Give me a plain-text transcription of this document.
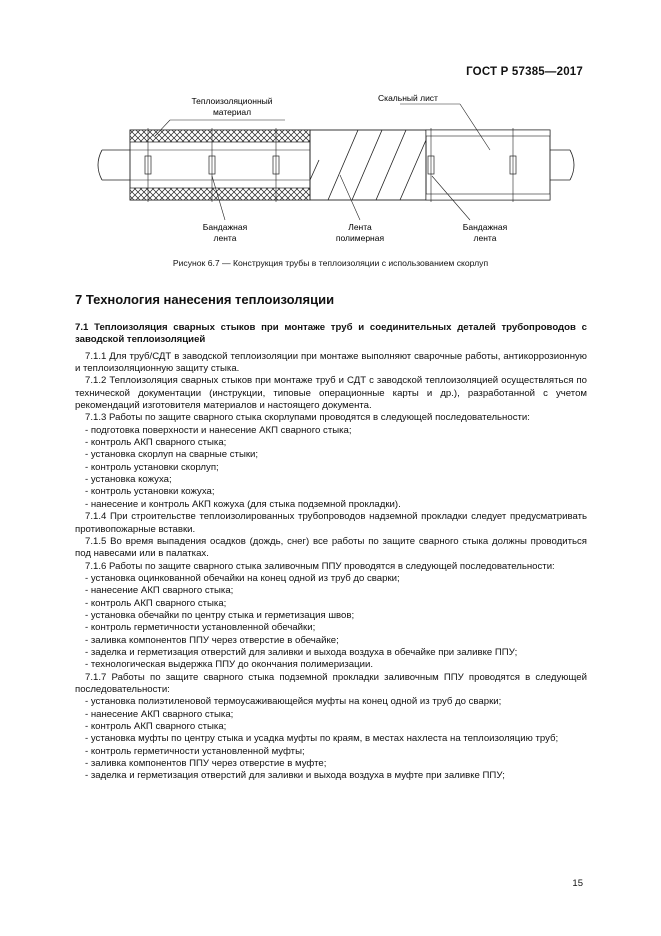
ГОСТ Р 57385—2017
Теплоизоляционный
материал
Скальный лист
Бандажная
лента
Лента
полимерная
Бандажная
лента
Рисунок 6.7 — Конструкция трубы в теплоизоляции с использованием скорлуп
7 Технология нанесения теплоизоляции
7.1 Теплоизоляция сварных стыков при монтаже труб и соединительных деталей трубопроводов с заводской теплоизоляцией

7.1.1 Для труб/СДТ в заводской теплоизоляции при монтаже выполняют сварочные работы, антикоррозионную и теплоизоляционную защиту стыка.

7.1.2 Теплоизоляция сварных стыков при монтаже труб и СДТ с заводской теплоизоляцией осуществляться по технической документации (инструкции, типовые операционные карты и др.), разработанной с учетом рекомендаций изготовителя материалов и настоящего документа.

7.1.3 Работы по защите сварного стыка скорлупами проводятся в следующей последовательности:

- подготовка поверхности и нанесение АКП сварного стыка;

- контроль АКП сварного стыка;

- установка скорлуп на сварные стыки;

- контроль установки скорлуп;

- установка кожуха;

- контроль установки кожуха;

- нанесение и контроль АКП кожуха (для стыка подземной прокладки).

7.1.4 При строительстве теплоизолированных трубопроводов надземной прокладки следует предусматривать противопожарные вставки.

7.1.5 Во время выпадения осадков (дождь, снег) все работы по защите сварного стыка должны проводиться под навесами или в палатках.

7.1.6 Работы по защите сварного стыка заливочным ППУ проводятся в следующей последовательности:

- установка оцинкованной обечайки на конец одной из труб до сварки;

- нанесение АКП сварного стыка;

- контроль АКП сварного стыка;

- установка обечайки по центру стыка и герметизация швов;

- контроль герметичности установленной обечайки;

- заливка компонентов ППУ через отверстие в обечайке;

- заделка и герметизация отверстий для заливки и выхода воздуха в обечайке при заливке ППУ;

- технологическая выдержка ППУ до окончания полимеризации.

7.1.7 Работы по защите сварного стыка подземной прокладки заливочным ППУ проводятся в следующей последовательности:

- установка полиэтиленовой термоусаживающейся муфты на конец одной из труб до сварки;

- нанесение АКП сварного стыка;

- контроль АКП сварного стыка;

- установка муфты по центру стыка и усадка муфты по краям, в местах нахлеста на теплоизоляцию труб;

- контроль герметичности установленной муфты;

- заливка компонентов ППУ через отверстие в муфте;

- заделка и герметизация отверстий для заливки и выхода воздуха в муфте при заливке ППУ;

15
